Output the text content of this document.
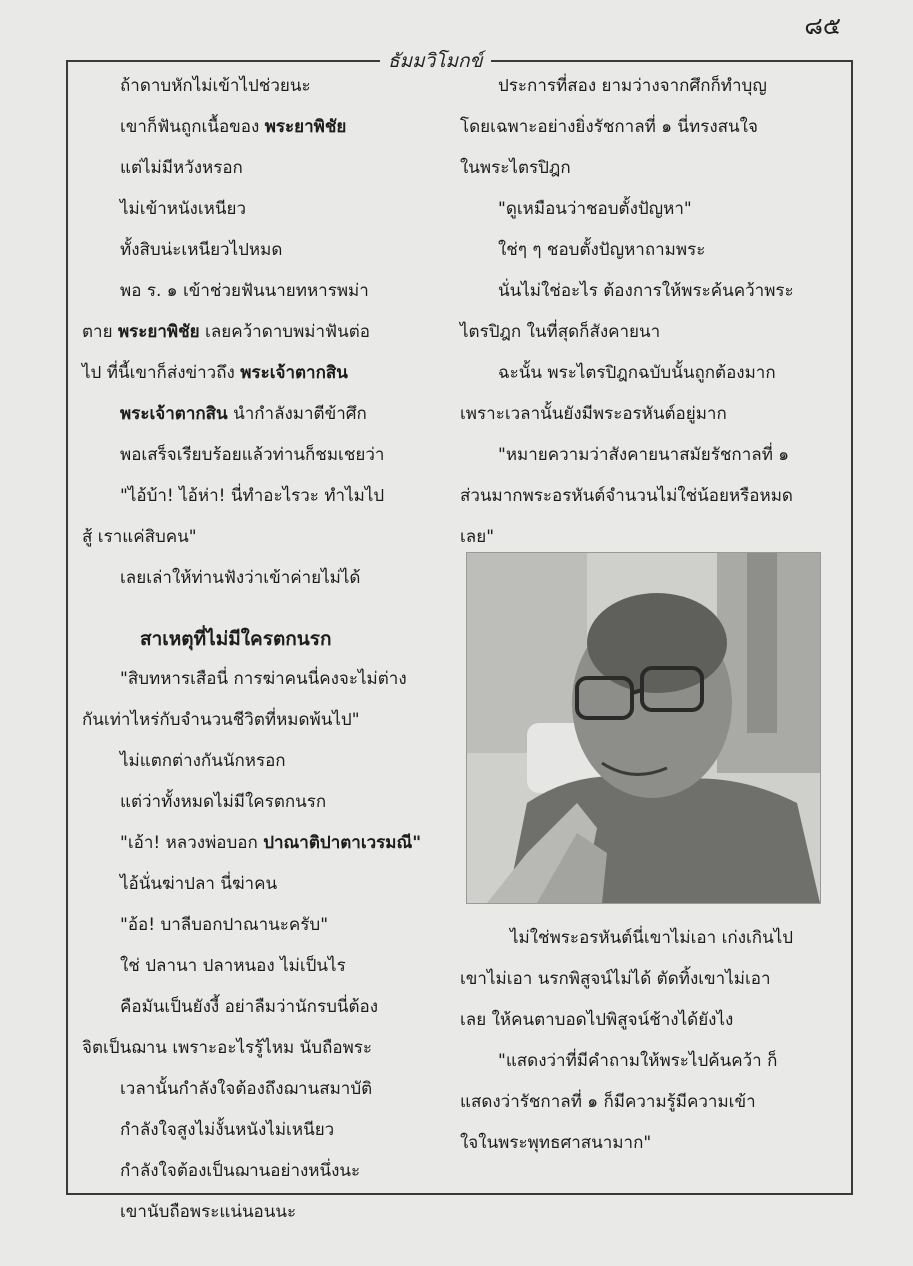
๘๕
ธัมมวิโมกข์
ถ้าดาบหักไม่เข้าไปช่วยนะ
เขาก็ฟันถูกเนื้อของ พระยาพิชัย
แต่ไม่มีหวังหรอก
ไม่เข้าหนังเหนียว
ทั้งสิบน่ะเหนียวไปหมด
พอ ร. ๑ เข้าช่วยฟันนายทหารพม่า
ตาย พระยาพิชัย เลยคว้าดาบพม่าฟันต่อ
ไป ที่นี้เขาก็ส่งข่าวถึง พระเจ้าตากสิน
พระเจ้าตากสิน นำกำลังมาตีข้าศึก
พอเสร็จเรียบร้อยแล้วท่านก็ชมเชยว่า
"ไอ้บ้า! ไอ้ห่า! นี่ทำอะไรวะ ทำไมไป
สู้ เราแค่สิบคน"
เลยเล่าให้ท่านฟังว่าเข้าค่ายไม่ได้
สาเหตุที่ไม่มีใครตกนรก
"สิบทหารเสือนี่ การฆ่าคนนี่คงจะไม่ต่าง
กันเท่าไหร่กับจำนวนชีวิตที่หมดพ้นไป"
ไม่แตกต่างกันนักหรอก
แต่ว่าทั้งหมดไม่มีใครตกนรก
"เอ้า! หลวงพ่อบอก ปาณาติปาตาเวรมณี"
ไอ้นั่นฆ่าปลา นี่ฆ่าคน
"อ้อ! บาลีบอกปาณานะครับ"
ใช่ ปลานา ปลาหนอง ไม่เป็นไร
คือมันเป็นยังงี้ อย่าลืมว่านักรบนี่ต้อง
จิตเป็นฌาน เพราะอะไรรู้ไหม นับถือพระ
เวลานั้นกำลังใจต้องถึงฌานสมาบัติ
กำลังใจสูงไม่งั้นหนังไม่เหนียว
กำลังใจต้องเป็นฌานอย่างหนึ่งนะ
เขานับถือพระแน่นอนนะ
ประการที่สอง ยามว่างจากศึกก็ทำบุญ
โดยเฉพาะอย่างยิ่งรัชกาลที่ ๑ นี่ทรงสนใจ
ในพระไตรปิฎก
"ดูเหมือนว่าชอบตั้งปัญหา"
ใช่ๆ ๆ ชอบตั้งปัญหาถามพระ
นั่นไม่ใช่อะไร ต้องการให้พระค้นคว้าพระ
ไตรปิฎก ในที่สุดก็สังคายนา
ฉะนั้น พระไตรปิฎกฉบับนั้นถูกต้องมาก
เพราะเวลานั้นยังมีพระอรหันต์อยู่มาก
"หมายความว่าสังคายนาสมัยรัชกาลที่ ๑
ส่วนมากพระอรหันต์จำนวนไม่ใช่น้อยหรือหมด
เลย"
ไม่ใช่พระอรหันต์นี่เขาไม่เอา เก่งเกินไป
เขาไม่เอา นรกพิสูจน์ไม่ได้ ตัดทิ้งเขาไม่เอา
เลย ให้คนตาบอดไปพิสูจน์ช้างได้ยังไง
"แสดงว่าที่มีคำถามให้พระไปค้นคว้า ก็
แสดงว่ารัชกาลที่ ๑ ก็มีความรู้มีความเข้า
ใจในพระพุทธศาสนามาก"
